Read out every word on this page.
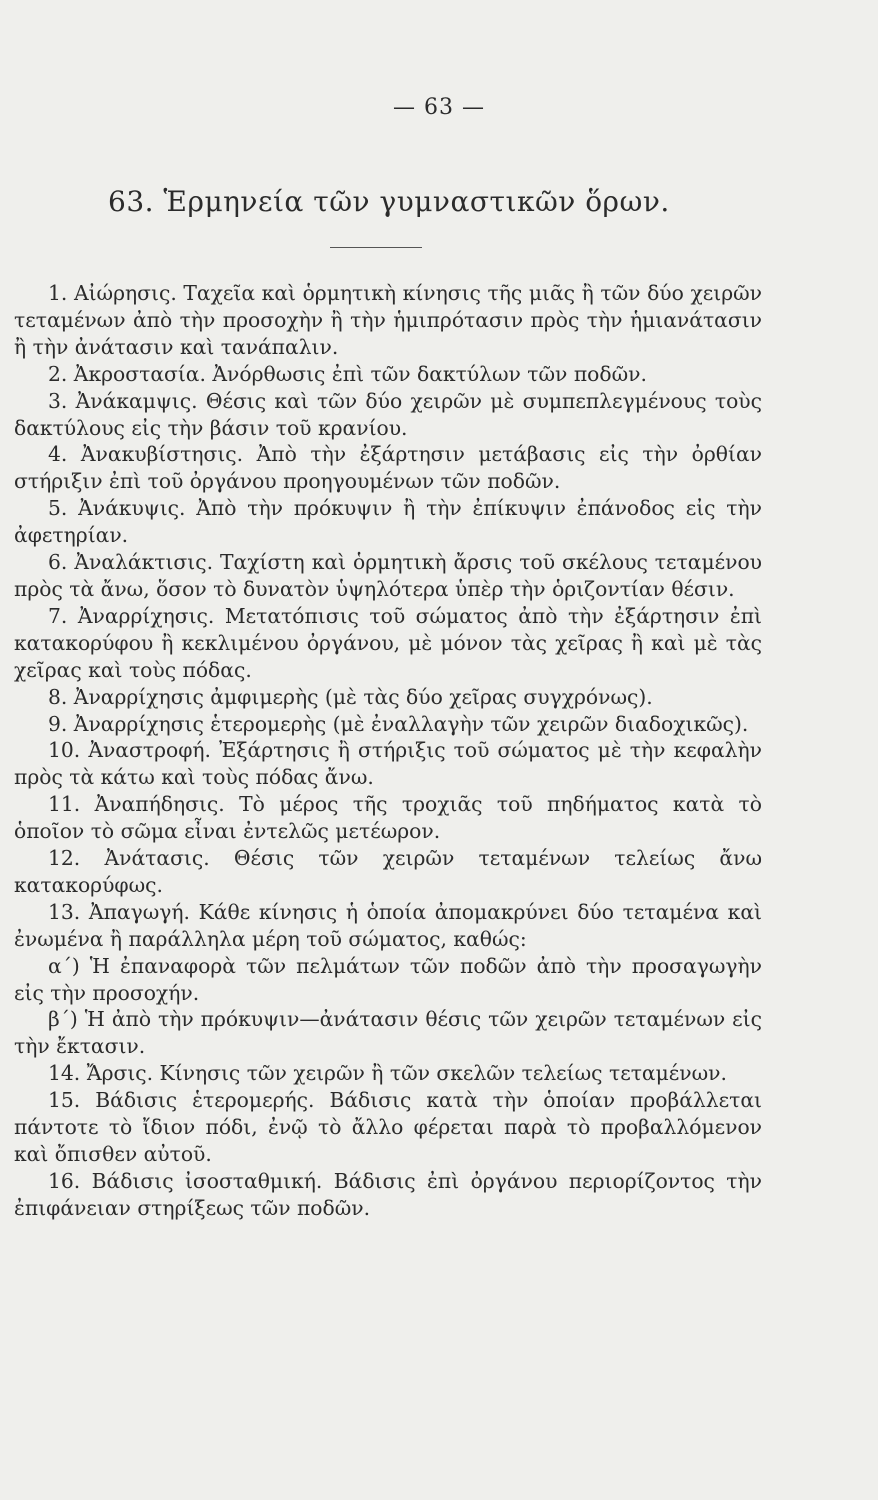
— 63 —
63. Ἑρμηνεία τῶν γυμναστικῶν ὅρων.

1. Αἰώρησις. Ταχεῖα καὶ ὁρμητικὴ κίνησις τῆς μιᾶς ἢ τῶν δύο χειρῶν τεταμένων ἀπὸ τὴν προσοχὴν ἢ τὴν ἡμιπρότασιν πρὸς τὴν ἡμιανάτασιν ἢ τὴν ἀνάτασιν καὶ τανάπαλιν.

2. Ἀκροστασία. Ἀνόρθωσις ἐπὶ τῶν δακτύλων τῶν ποδῶν.

3. Ἀνάκαμψις. Θέσις καὶ τῶν δύο χειρῶν μὲ συμπεπλεγμένους τοὺς δακτύλους εἰς τὴν βάσιν τοῦ κρανίου.

4. Ἀνακυβίστησις. Ἀπὸ τὴν ἐξάρτησιν μετάβασις εἰς τὴν ὀρθίαν στήριξιν ἐπὶ τοῦ ὀργάνου προηγουμένων τῶν ποδῶν.

5. Ἀνάκυψις. Ἀπὸ τὴν πρόκυψιν ἢ τὴν ἐπίκυψιν ἐπάνοδος εἰς τὴν ἀφετηρίαν.

6. Ἀναλάκτισις. Ταχίστη καὶ ὁρμητικὴ ἄρσις τοῦ σκέλους τεταμένου πρὸς τὰ ἄνω, ὅσον τὸ δυνατὸν ὑψηλότερα ὑπὲρ τὴν ὁριζοντίαν θέσιν.

7. Ἀναρρίχησις. Μετατόπισις τοῦ σώματος ἀπὸ τὴν ἐξάρτησιν ἐπὶ κατακορύφου ἢ κεκλιμένου ὀργάνου, μὲ μόνον τὰς χεῖρας ἢ καὶ μὲ τὰς χεῖρας καὶ τοὺς πόδας.

8. Ἀναρρίχησις ἀμφιμερὴς (μὲ τὰς δύο χεῖρας συγχρόνως).

9. Ἀναρρίχησις ἑτερομερὴς (μὲ ἐναλλαγὴν τῶν χειρῶν διαδοχικῶς).

10. Ἀναστροφή. Ἐξάρτησις ἢ στήριξις τοῦ σώματος μὲ τὴν κεφαλὴν πρὸς τὰ κάτω καὶ τοὺς πόδας ἄνω.

11. Ἀναπήδησις. Τὸ μέρος τῆς τροχιᾶς τοῦ πηδήματος κατὰ τὸ ὁποῖον τὸ σῶμα εἶναι ἐντελῶς μετέωρον.

12. Ἀνάτασις. Θέσις τῶν χειρῶν τεταμένων τελείως ἄνω κατακορύφως.

13. Ἀπαγωγή. Κάθε κίνησις ἡ ὁποία ἀπομακρύνει δύο τεταμένα καὶ ἐνωμένα ἢ παράλληλα μέρη τοῦ σώματος, καθώς:

α΄) Ἡ ἐπαναφορὰ τῶν πελμάτων τῶν ποδῶν ἀπὸ τὴν προσαγωγὴν εἰς τὴν προσοχήν.

β΄) Ἡ ἀπὸ τὴν πρόκυψιν—ἀνάτασιν θέσις τῶν χειρῶν τεταμένων εἰς τὴν ἔκτασιν.

14. Ἄρσις. Κίνησις τῶν χειρῶν ἢ τῶν σκελῶν τελείως τεταμένων.

15. Βάδισις ἑτερομερής. Βάδισις κατὰ τὴν ὁποίαν προβάλλεται πάντοτε τὸ ἴδιον πόδι, ἐνῷ τὸ ἄλλο φέρεται παρὰ τὸ προβαλλόμενον καὶ ὄπισθεν αὐτοῦ.

16. Βάδισις ἰσοσταθμική. Βάδισις ἐπὶ ὀργάνου περιορίζοντος τὴν ἐπιφάνειαν στηρίξεως τῶν ποδῶν.
